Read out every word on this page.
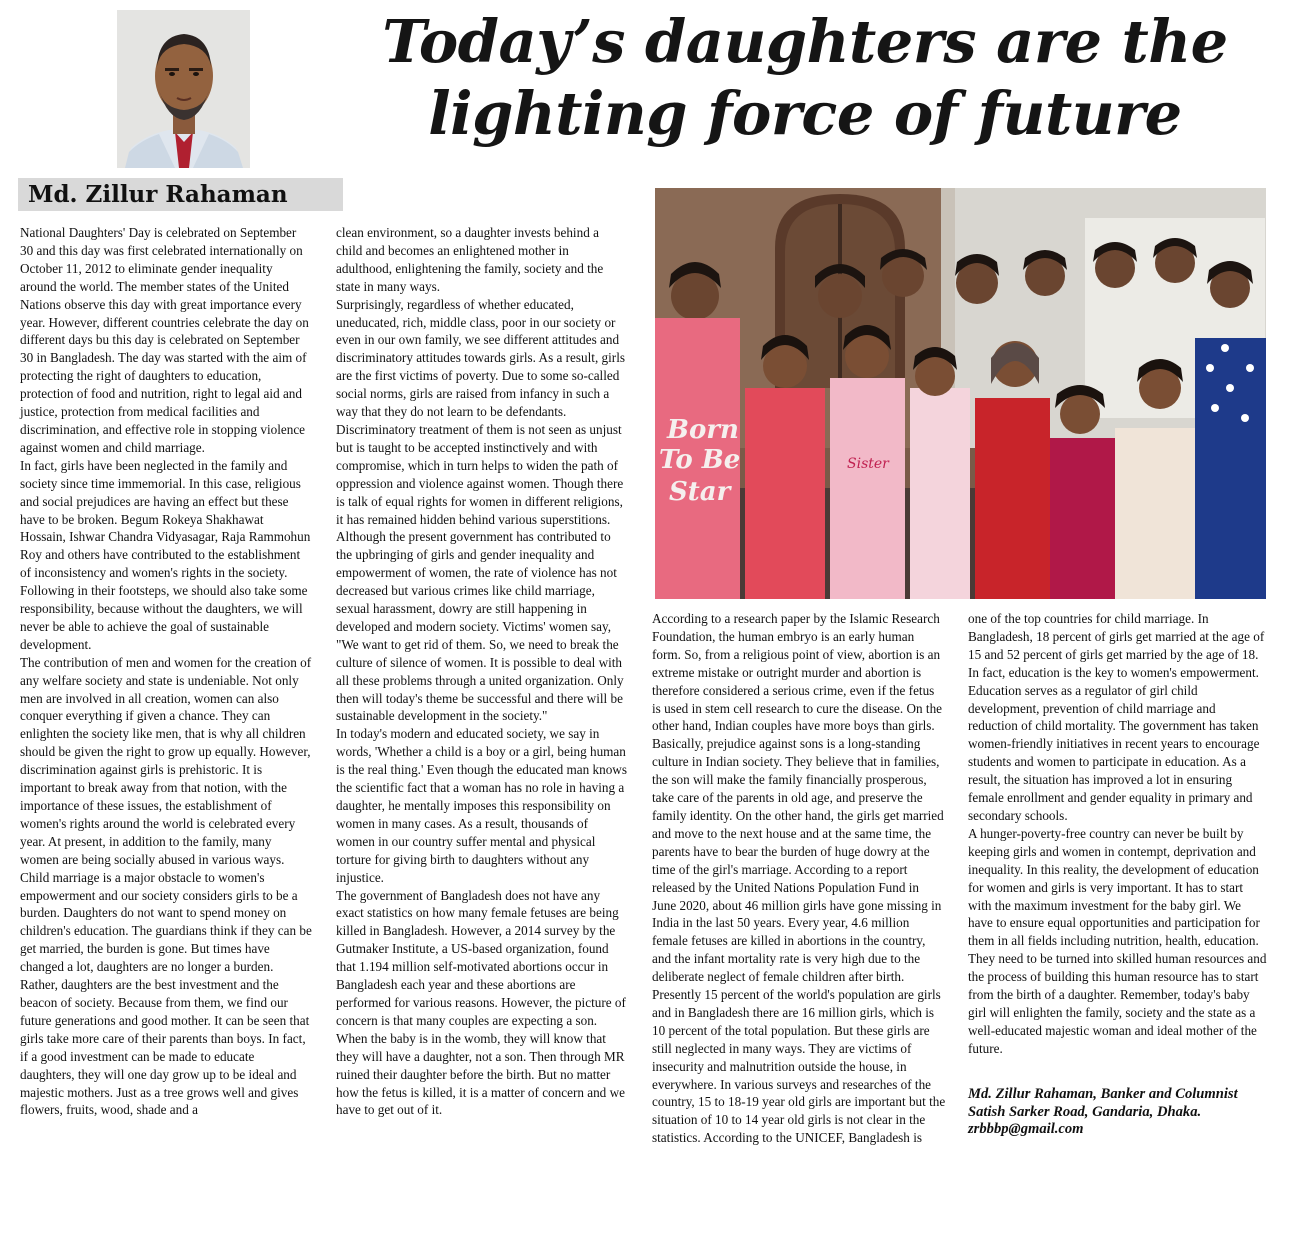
Today’s daughters are the lighting force of future
Md. Zillur Rahaman

National Daughters' Day is celebrated on September 30 and this day was first celebrated internationally on October 11, 2012 to eliminate gender inequality around the world. The member states of the United Nations observe this day with great importance every year. However, different countries celebrate the day on different days bu this day is celebrated on September 30 in Bangladesh. The day was started with the aim of protecting the right of daughters to education, protection of food and nutrition, right to legal aid and justice, protection from medical facilities and discrimination, and effective role in stopping violence against women and child marriage.

In fact, girls have been neglected in the family and society since time immemorial. In this case, religious and social prejudices are having an effect but these have to be broken. Begum Rokeya Shakhawat Hossain, Ishwar Chandra Vidyasagar, Raja Rammohun Roy and others have contributed to the establishment of inconsistency and women's rights in the society. Following in their footsteps, we should also take some responsibility, because without the daughters, we will never be able to achieve the goal of sustainable development.

The contribution of men and women for the creation of any welfare society and state is undeniable. Not only men are involved in all creation, women can also conquer everything if given a chance. They can enlighten the society like men, that is why all children should be given the right to grow up equally. However, discrimination against girls is prehistoric. It is important to break away from that notion, with the importance of these issues, the establishment of women's rights around the world is celebrated every year. At present, in addition to the family, many women are being socially abused in various ways.

Child marriage is a major obstacle to women's empowerment and our society considers girls to be a burden. Daughters do not want to spend money on children's education. The guardians think if they can be get married, the burden is gone. But times have changed a lot, daughters are no longer a burden. Rather, daughters are the best investment and the beacon of society. Because from them, we find our future generations and good mother. It can be seen that girls take more care of their parents than boys. In fact, if a good investment can be made to educate daughters, they will one day grow up to be ideal and majestic mothers. Just as a tree grows well and gives flowers, fruits, wood, shade and a

clean environment, so a daughter invests behind a child and becomes an enlightened mother in adulthood, enlightening the family, society and the state in many ways.

Surprisingly, regardless of whether educated, uneducated, rich, middle class, poor in our society or even in our own family, we see different attitudes and discriminatory attitudes towards girls. As a result, girls are the first victims of poverty. Due to some so-called social norms, girls are raised from infancy in such a way that they do not learn to be defendants.

Discriminatory treatment of them is not seen as unjust but is taught to be accepted instinctively and with compromise, which in turn helps to widen the path of oppression and violence against women. Though there is talk of equal rights for women in different religions, it has remained hidden behind various superstitions.

Although the present government has contributed to the upbringing of girls and gender inequality and empowerment of women, the rate of violence has not decreased but various crimes like child marriage, sexual harassment, dowry are still happening in developed and modern society. Victims' women say, "We want to get rid of them. So, we need to break the culture of silence of women. It is possible to deal with all these problems through a united organization. Only then will today's theme be successful and there will be sustainable development in the society."

In today's modern and educated society, we say in words, 'Whether a child is a boy or a girl, being human is the real thing.' Even though the educated man knows the scientific fact that a woman has no role in having a daughter, he mentally imposes this responsibility on women in many cases. As a result, thousands of women in our country suffer mental and physical torture for giving birth to daughters without any injustice.

The government of Bangladesh does not have any exact statistics on how many female fetuses are being killed in Bangladesh. However, a 2014 survey by the Gutmaker Institute, a US-based organization, found that 1.194 million self-motivated abortions occur in Bangladesh each year and these abortions are performed for various reasons. However, the picture of concern is that many couples are expecting a son. When the baby is in the womb, they will know that they will have a daughter, not a son. Then through MR ruined their daughter before the birth. But no matter how the fetus is killed, it is a matter of concern and we have to get out of it.

Born
To Be
Star
Sister

According to a research paper by the Islamic Research Foundation, the human embryo is an early human form. So, from a religious point of view, abortion is an extreme mistake or outright murder and abortion is therefore considered a serious crime, even if the fetus is used in stem cell research to cure the disease. On the other hand, Indian couples have more boys than girls. Basically, prejudice against sons is a long-standing culture in Indian society. They believe that in families, the son will make the family financially prosperous, take care of the parents in old age, and preserve the family identity. On the other hand, the girls get married and move to the next house and at the same time, the parents have to bear the burden of huge dowry at the time of the girl's marriage. According to a report released by the United Nations Population Fund in June 2020, about 46 million girls have gone missing in India in the last 50 years. Every year, 4.6 million female fetuses are killed in abortions in the country, and the infant mortality rate is very high due to the deliberate neglect of female children after birth.

Presently 15 percent of the world's population are girls and in Bangladesh there are 16 million girls, which is 10 percent of the total population. But these girls are still neglected in many ways. They are victims of insecurity and malnutrition outside the house, in everywhere. In various surveys and researches of the country, 15 to 18-19 year old girls are important but the situation of 10 to 14 year old girls is not clear in the statistics. According to the UNICEF, Bangladesh is

one of the top countries for child marriage. In Bangladesh, 18 percent of girls get married at the age of 15 and 52 percent of girls get married by the age of 18.

In fact, education is the key to women's empowerment. Education serves as a regulator of girl child development, prevention of child marriage and reduction of child mortality. The government has taken women-friendly initiatives in recent years to encourage students and women to participate in education. As a result, the situation has improved a lot in ensuring female enrollment and gender equality in primary and secondary schools.

A hunger-poverty-free country can never be built by keeping girls and women in contempt, deprivation and inequality. In this reality, the development of education for women and girls is very important. It has to start with the maximum investment for the baby girl. We have to ensure equal opportunities and participation for them in all fields including nutrition, health, education. They need to be turned into skilled human resources and the process of building this human resource has to start from the birth of a daughter. Remember, today's baby girl will enlighten the family, society and the state as a well-educated majestic woman and ideal mother of the future.

Md. Zillur Rahaman, Banker and Columnist
Satish Sarker Road, Gandaria, Dhaka.
zrbbbp@gmail.com
